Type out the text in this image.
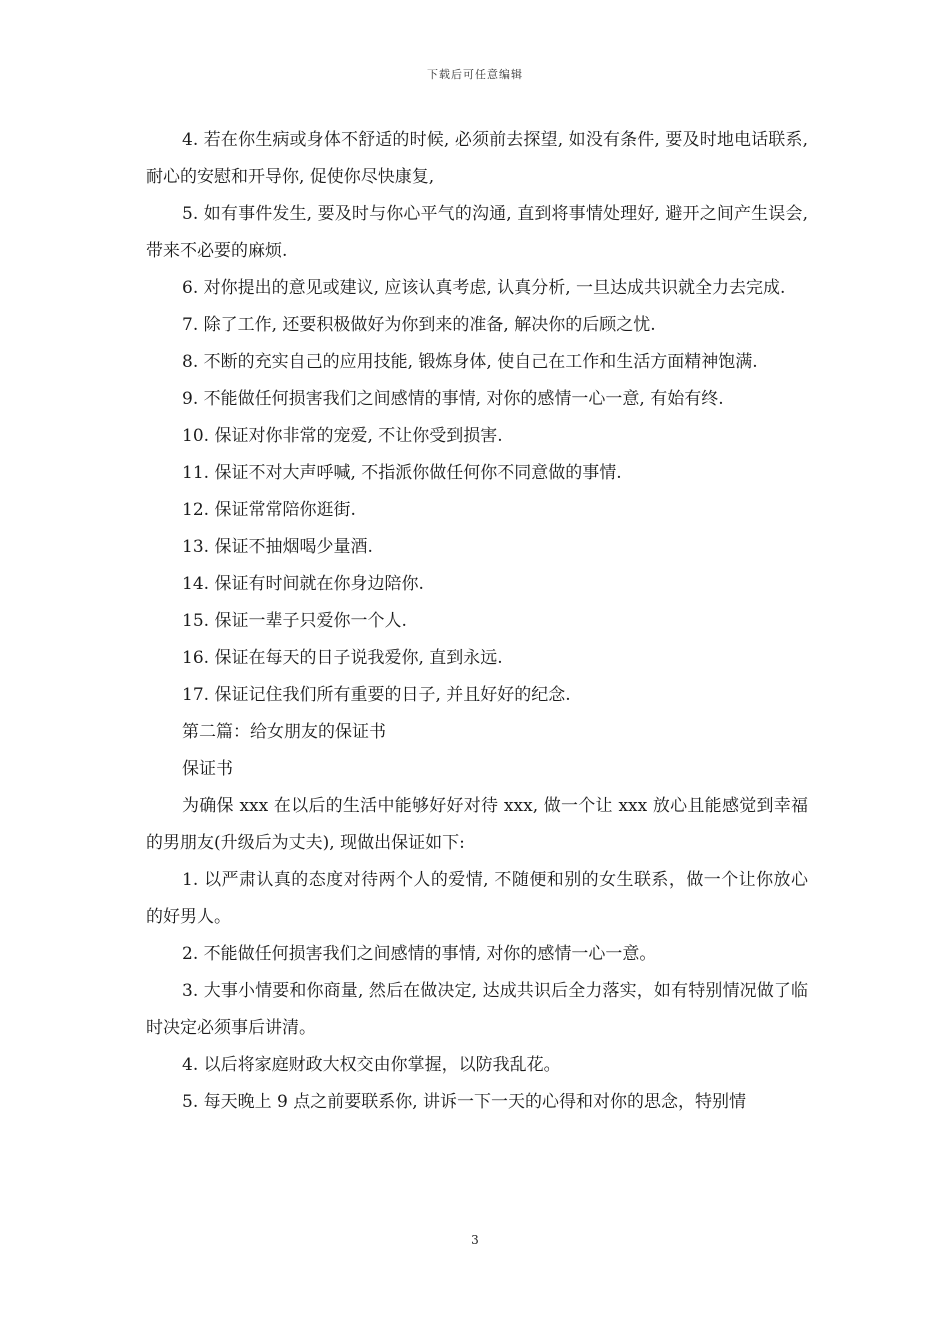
下载后可任意编辑

4. 若在你生病或身体不舒适的时候, 必须前去探望, 如没有条件, 要及时地电话联系, 耐心的安慰和开导你, 促使你尽快康复,

5. 如有事件发生, 要及时与你心平气的沟通, 直到将事情处理好, 避开之间产生误会, 带来不必要的麻烦.

6. 对你提出的意见或建议, 应该认真考虑, 认真分析, 一旦达成共识就全力去完成.

7. 除了工作, 还要积极做好为你到来的准备, 解决你的后顾之忧.

8. 不断的充实自己的应用技能, 锻炼身体, 使自己在工作和生活方面精神饱满.

9. 不能做任何损害我们之间感情的事情, 对你的感情一心一意, 有始有终.

10. 保证对你非常的宠爱, 不让你受到损害.

11. 保证不对大声呼喊, 不指派你做任何你不同意做的事情.

12. 保证常常陪你逛街.

13. 保证不抽烟喝少量酒.

14. 保证有时间就在你身边陪你.

15. 保证一辈子只爱你一个人.

16. 保证在每天的日子说我爱你, 直到永远.

17. 保证记住我们所有重要的日子, 并且好好的纪念.

第二篇：给女朋友的保证书

保证书

为确保 xxx 在以后的生活中能够好好对待 xxx, 做一个让 xxx 放心且能感觉到幸福的男朋友(升级后为丈夫), 现做出保证如下:

1. 以严肃认真的态度对待两个人的爱情, 不随便和别的女生联系，做一个让你放心的好男人。

2. 不能做任何损害我们之间感情的事情, 对你的感情一心一意。

3. 大事小情要和你商量, 然后在做决定, 达成共识后全力落实，如有特别情况做了临时决定必须事后讲清。

4. 以后将家庭财政大权交由你掌握，以防我乱花。

5. 每天晚上 9 点之前要联系你, 讲诉一下一天的心得和对你的思念，特别情

3
